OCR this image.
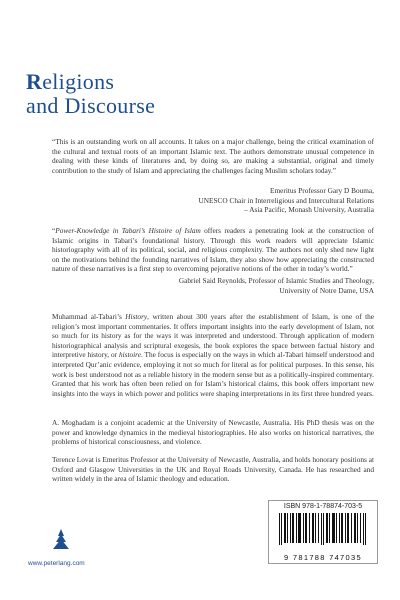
Religions
and Discourse

“This is an outstanding work on all accounts. It takes on a major challenge, being the critical examination of the cultural and textual roots of an important Islamic text. The authors demonstrate unusual competence in dealing with these kinds of literatures and, by doing so, are making a substantial, original and timely contribution to the study of Islam and appreciating the challenges facing Muslim scholars today.”

Emeritus Professor Gary D Bouma,
UNESCO Chair in Interreligious and Intercultural Relations
– Asia Pacific, Monash University, Australia

“Power-Knowledge in Tabari’s Histoire of Islam offers readers a penetrating look at the construction of Islamic origins in Tabari’s foundational history. Through this work readers will appreciate Islamic historiography with all of its political, social, and religious complexity. The authors not only shed new light on the motivations behind the founding narratives of Islam, they also show how appreciating the constructed nature of these narratives is a first step to overcoming pejorative notions of the other in today’s world.”

Gabriel Said Reynolds, Professor of Islamic Studies and Theology,
University of Notre Dame, USA

Muhammad al-Tabari’s History, written about 300 years after the establishment of Islam, is one of the religion’s most important commentaries. It offers important insights into the early development of Islam, not so much for its history as for the ways it was interpreted and understood. Through application of modern historiographical analysis and scriptural exegesis, the book explores the space between factual history and interpretive history, or histoire. The focus is especially on the ways in which al-Tabari himself understood and interpreted Qur’anic evidence, employing it not so much for literal as for political purposes. In this sense, his work is best understood not as a reliable history in the modern sense but as a politically-inspired commentary. Granted that his work has often been relied on for Islam’s historical claims, this book offers important new insights into the ways in which power and politics were shaping interpretations in its first three hundred years.

A. Moghadam is a conjoint academic at the University of Newcastle, Australia. His PhD thesis was on the power and knowledge dynamics in the medieval historiographies. He also works on historical narratives, the problems of historical consciousness, and violence.

Terence Lovat is Emeritus Professor at the University of Newcastle, Australia, and holds honorary positions at Oxford and Glasgow Universities in the UK and Royal Roads University, Canada. He has researched and written widely in the area of Islamic theology and education.

ISBN 978-1-78874-703-5
9 781788 747035
www.peterlang.com
